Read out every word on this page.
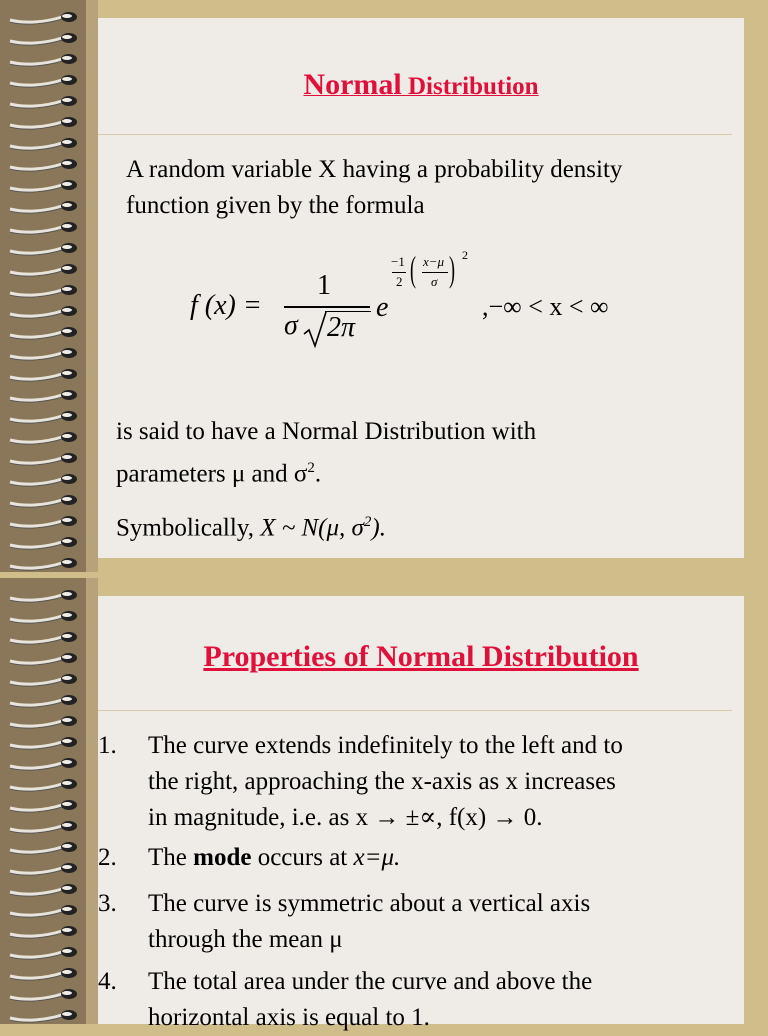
Normal Distribution
A random variable X having a probability density
function given by the formula
f (x) =
1
σ 2π
e
−1
2 ( x−μ
σ ) 2
,−∞ < x < ∞
is said to have a Normal Distribution with
parameters μ and $\sigma^2$.
Symbolically, X ~ N(μ, $\sigma^2$).
Properties of Normal Distribution
1.	The curve extends indefinitely to the left and to
the right, approaching the x-axis as x increases
in magnitude, i.e. as x → ±∝, f(x) → 0.
2.	The mode occurs at x=μ.
3.	The curve is symmetric about a vertical axis
through the mean μ
4.	The total area under the curve and above the
horizontal axis is equal to 1.
